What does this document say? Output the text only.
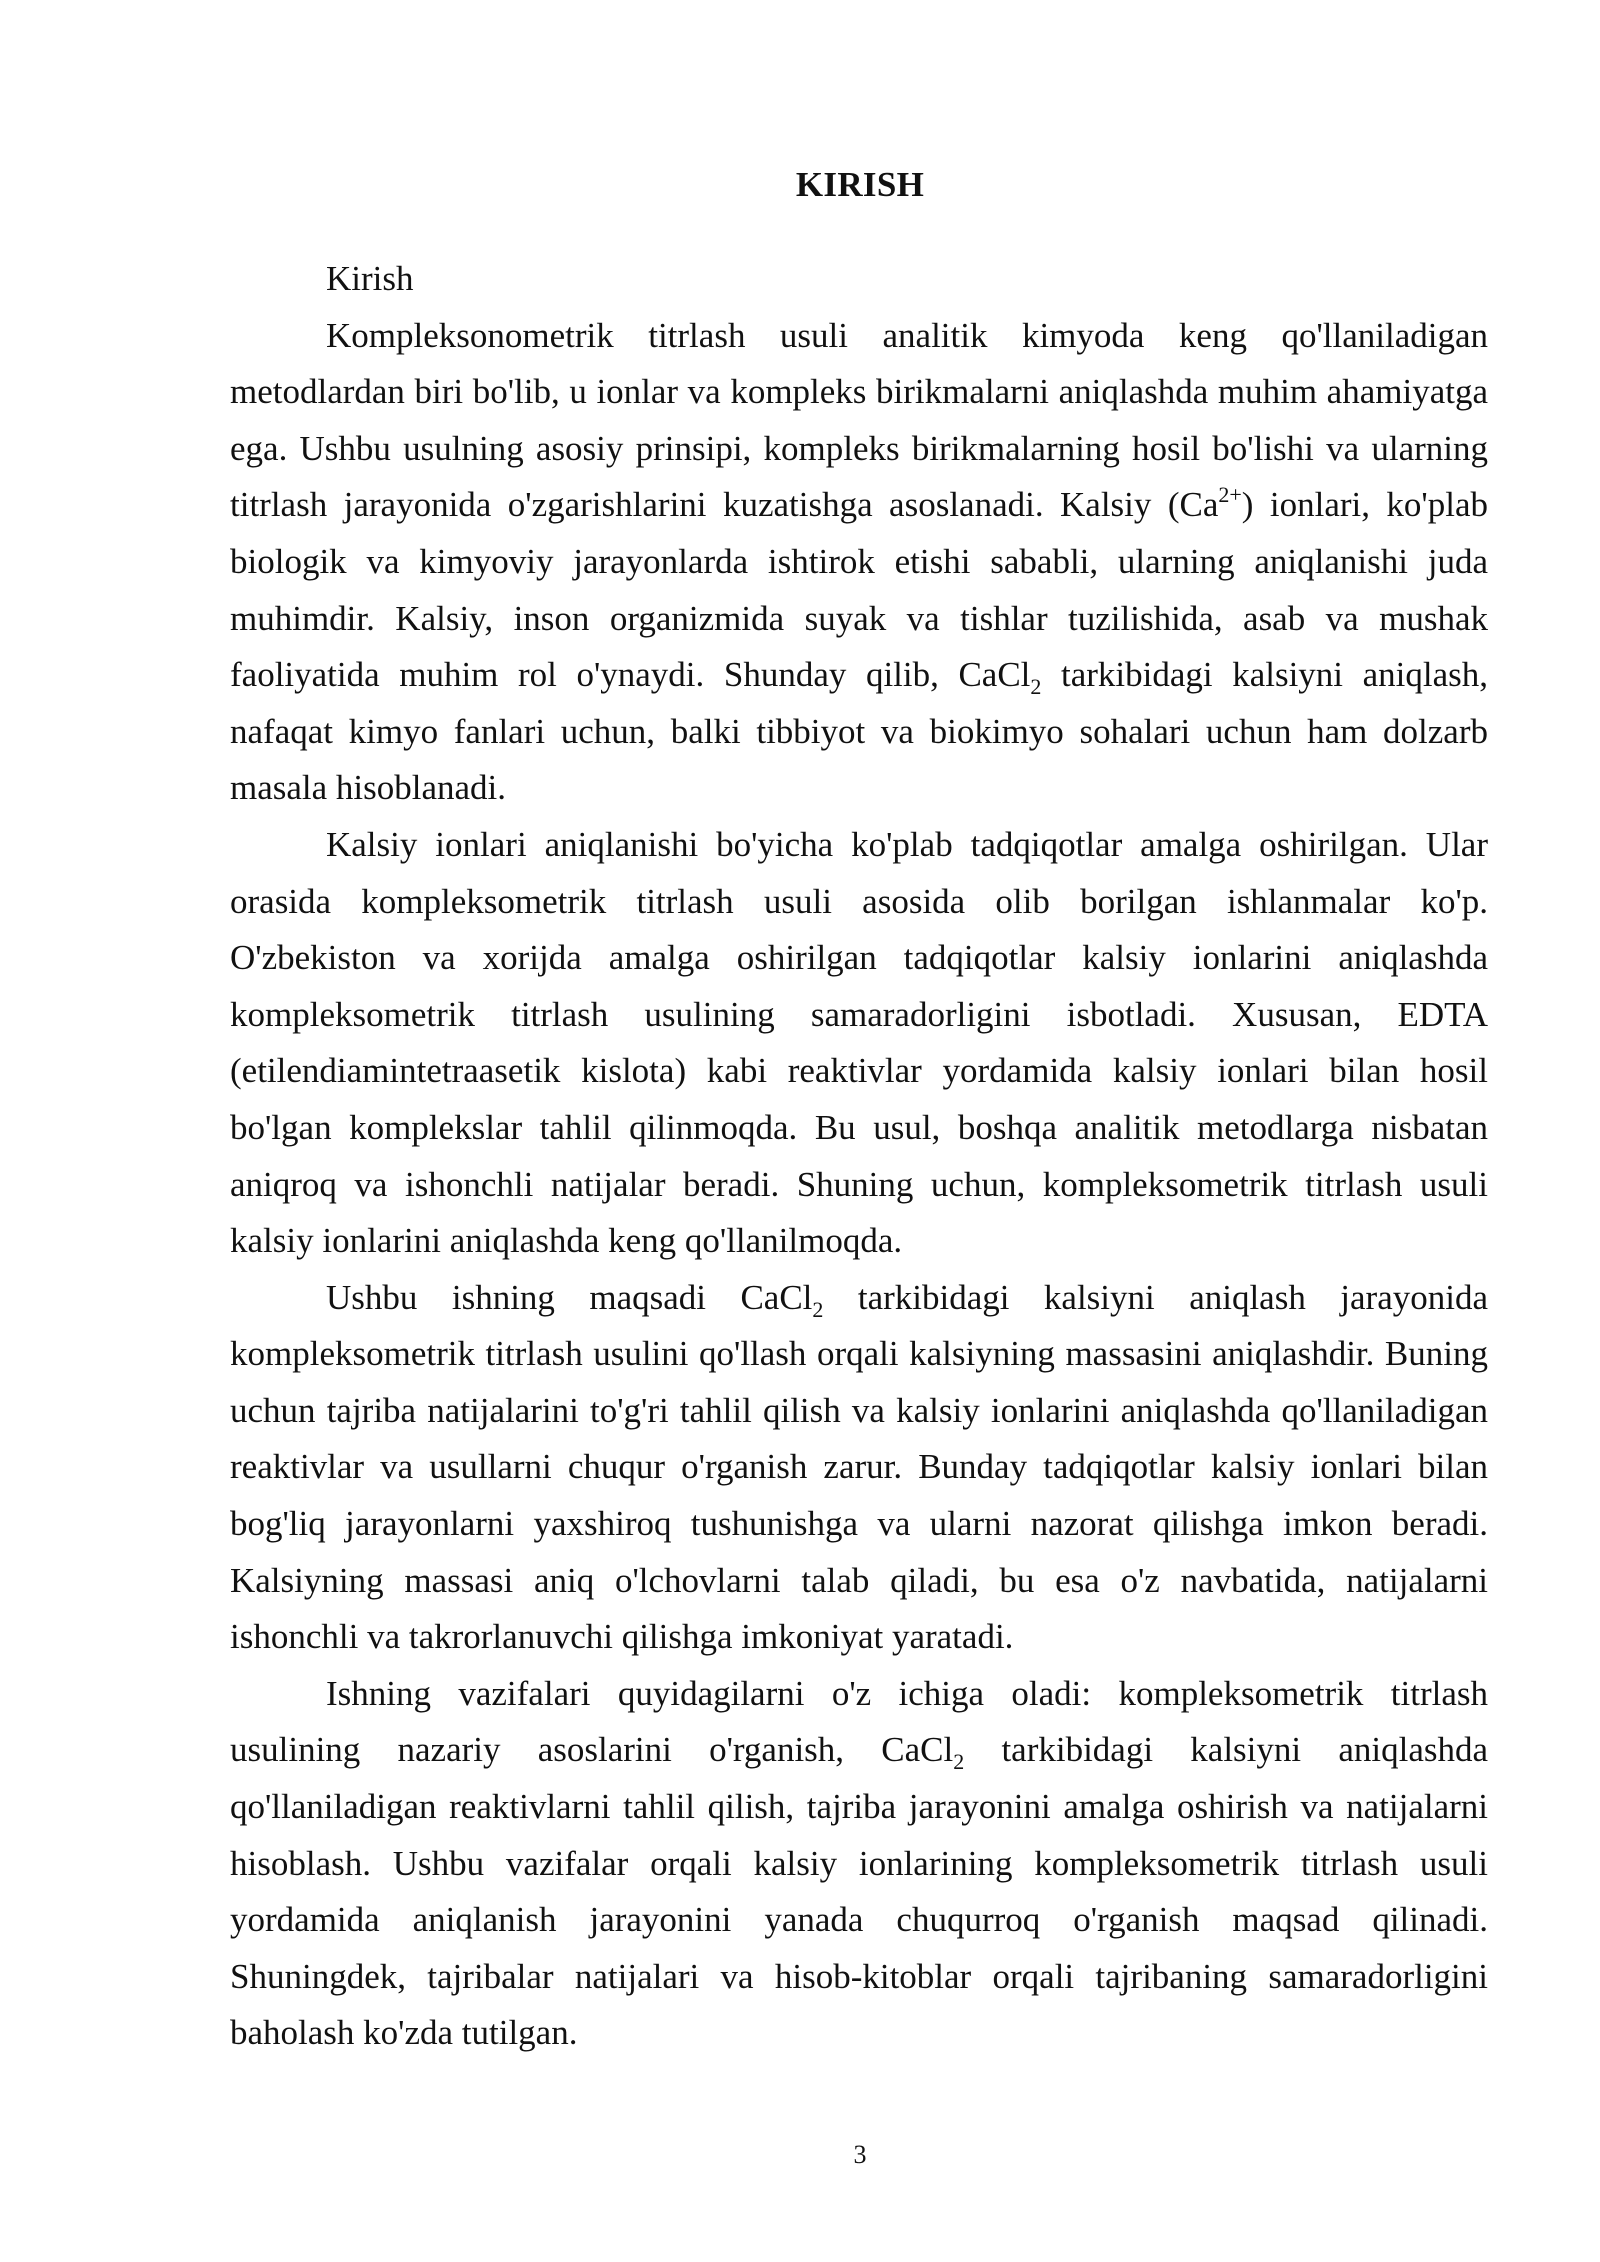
KIRISH

Kirish

Kompleksonometrik titrlash usuli analitik kimyoda keng qo'llaniladigan metodlardan biri bo'lib, u ionlar va kompleks birikmalarni aniqlashda muhim ahamiyatga ega. Ushbu usulning asosiy prinsipi, kompleks birikmalarning hosil bo'lishi va ularning titrlash jarayonida o'zgarishlarini kuzatishga asoslanadi. Kalsiy $(Ca^{2+})$ ionlari, ko'plab biologik va kimyoviy jarayonlarda ishtirok etishi sababli, ularning aniqlanishi juda muhimdir. Kalsiy, inson organizmida suyak va tishlar tuzilishida, asab va mushak faoliyatida muhim rol o'ynaydi. Shunday qilib, CaCl$_2$ tarkibidagi kalsiyni aniqlash, nafaqat kimyo fanlari uchun, balki tibbiyot va biokimyo sohalari uchun ham dolzarb masala hisoblanadi.

Kalsiy ionlari aniqlanishi bo'yicha ko'plab tadqiqotlar amalga oshirilgan. Ular orasida kompleksometrik titrlash usuli asosida olib borilgan ishlanmalar ko'p. O'zbekiston va xorijda amalga oshirilgan tadqiqotlar kalsiy ionlarini aniqlashda kompleksometrik titrlash usulining samaradorligini isbotladi. Xususan, EDTA (etilendiamintetraasetik kislota) kabi reaktivlar yordamida kalsiy ionlari bilan hosil bo'lgan komplekslar tahlil qilinmoqda. Bu usul, boshqa analitik metodlarga nisbatan aniqroq va ishonchli natijalar beradi. Shuning uchun, kompleksometrik titrlash usuli kalsiy ionlarini aniqlashda keng qo'llanilmoqda.

Ushbu ishning maqsadi CaCl$_2$ tarkibidagi kalsiyni aniqlash jarayonida kompleksometrik titrlash usulini qo'llash orqali kalsiyning massasini aniqlashdir. Buning uchun tajriba natijalarini to'g'ri tahlil qilish va kalsiy ionlarini aniqlashda qo'llaniladigan reaktivlar va usullarni chuqur o'rganish zarur. Bunday tadqiqotlar kalsiy ionlari bilan bog'liq jarayonlarni yaxshiroq tushunishga va ularni nazorat qilishga imkon beradi. Kalsiyning massasi aniq o'lchovlarni talab qiladi, bu esa o'z navbatida, natijalarni ishonchli va takrorlanuvchi qilishga imkoniyat yaratadi.

Ishning vazifalari quyidagilarni o'z ichiga oladi: kompleksometrik titrlash usulining nazariy asoslarini o'rganish, CaCl$_2$ tarkibidagi kalsiyni aniqlashda qo'llaniladigan reaktivlarni tahlil qilish, tajriba jarayonini amalga oshirish va natijalarni hisoblash. Ushbu vazifalar orqali kalsiy ionlarining kompleksometrik titrlash usuli yordamida aniqlanish jarayonini yanada chuqurroq o'rganish maqsad qilinadi. Shuningdek, tajribalar natijalari va hisob-kitoblar orqali tajribaning samaradorligini baholash ko'zda tutilgan.

3
